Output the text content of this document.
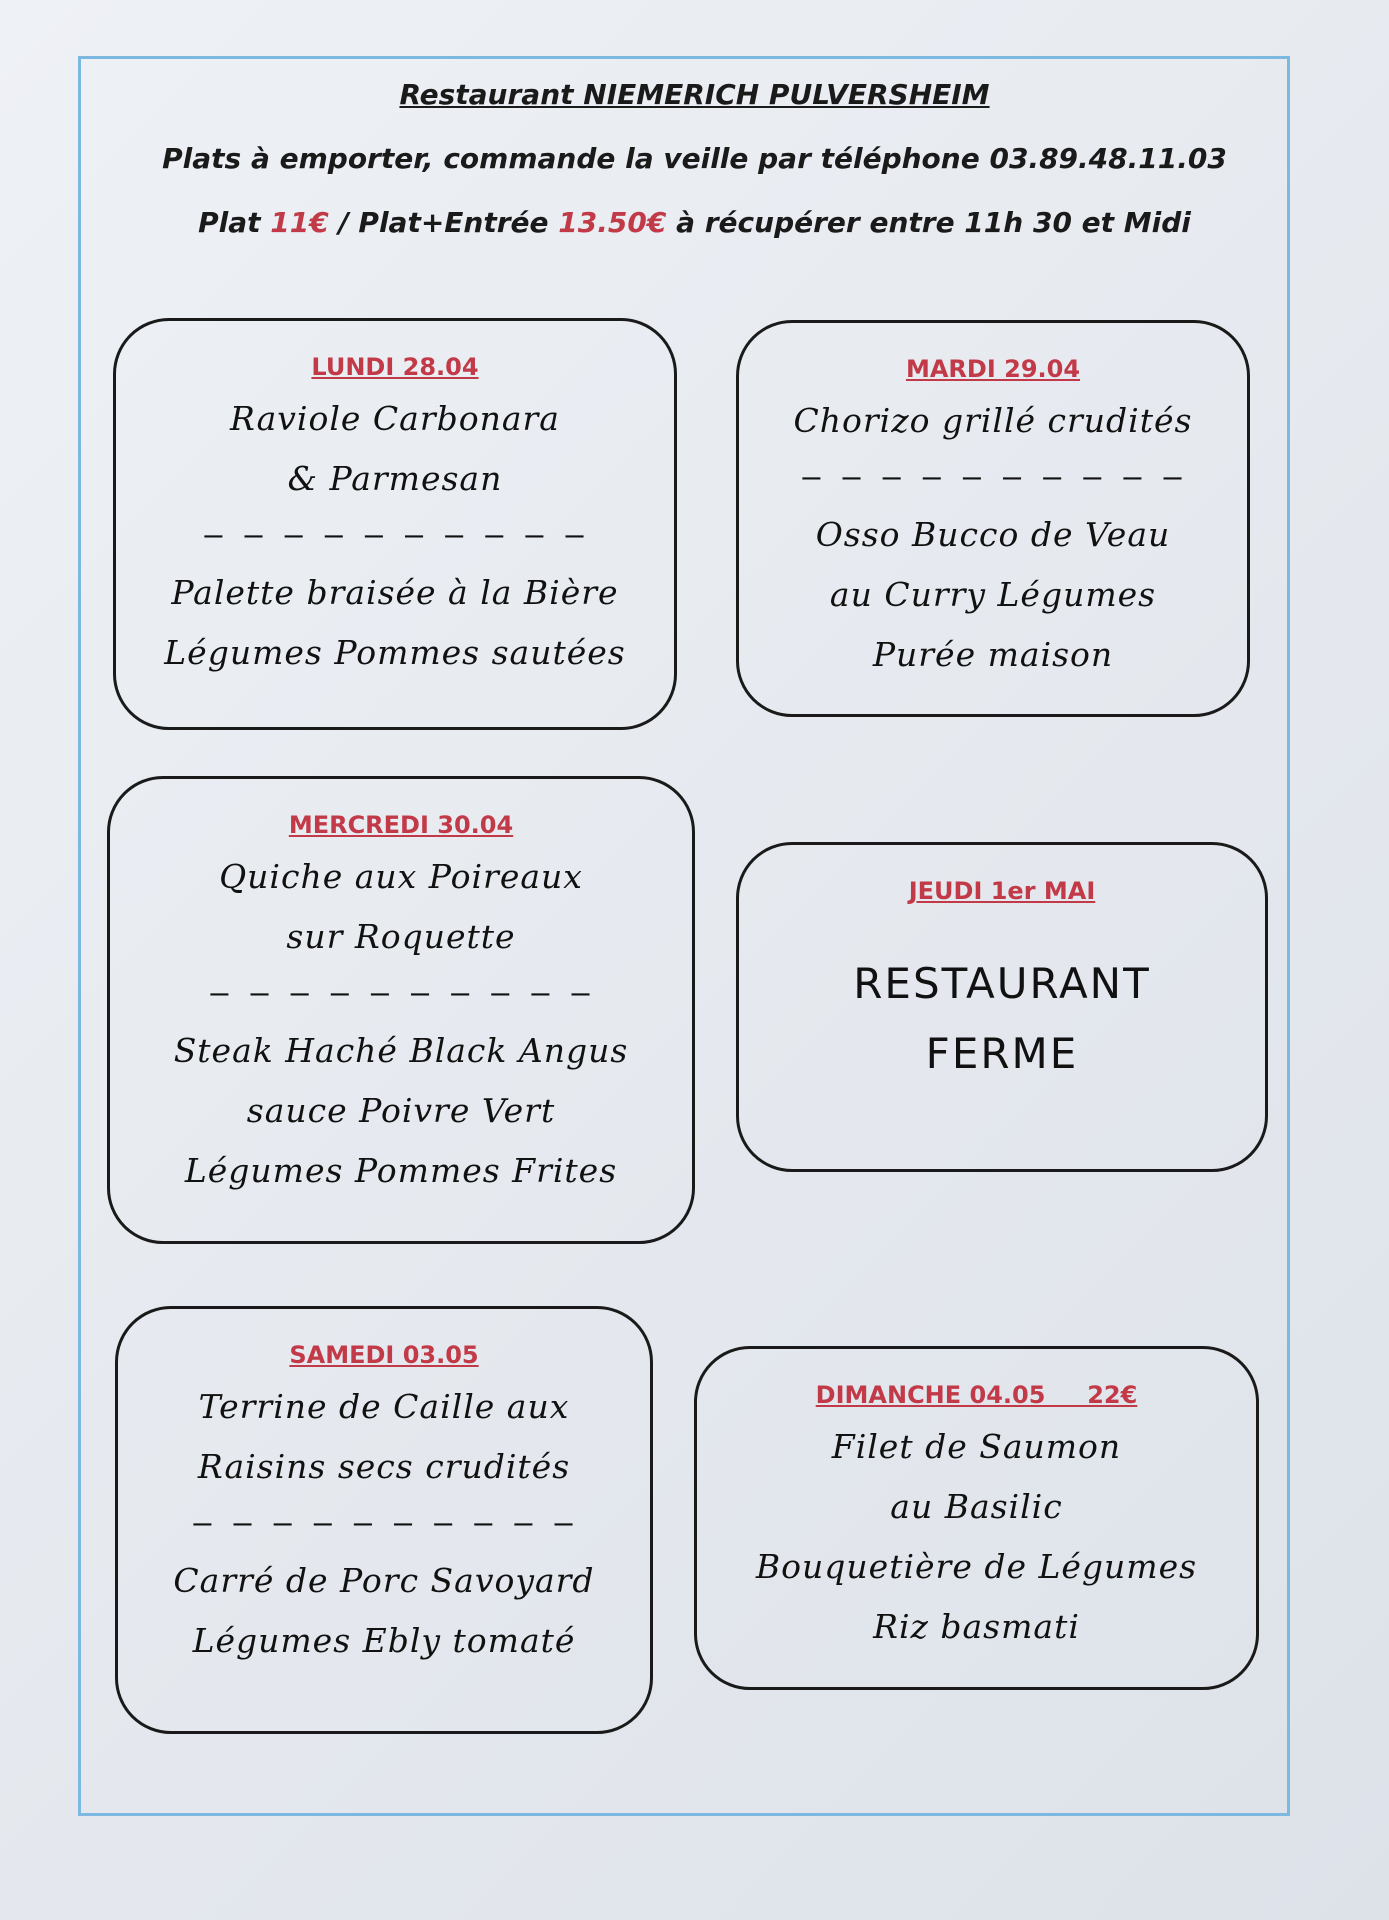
Restaurant NIEMERICH PULVERSHEIM

Plats à emporter, commande la veille par téléphone 03.89.48.11.03

Plat 11€ / Plat+Entrée 13.50€ à récupérer entre 11h 30 et Midi

LUNDI 28.04
Raviole Carbonara
& Parmesan
— — — — — — — — — —
Palette braisée à la Bière
Légumes Pommes sautées
MARDI 29.04
Chorizo grillé crudités
— — — — — — — — — —
Osso Bucco de Veau
au Curry Légumes
Purée maison
MERCREDI 30.04
Quiche aux Poireaux
sur Roquette
— — — — — — — — — —
Steak Haché Black Angus
sauce Poivre Vert
Légumes Pommes Frites
JEUDI 1er MAI
RESTAURANT
FERME
SAMEDI 03.05
Terrine de Caille aux
Raisins secs crudités
— — — — — — — — — —
Carré de Porc Savoyard
Légumes Ebly tomaté
DIMANCHE 04.05     22€
Filet de Saumon
au Basilic
Bouquetière de Légumes
Riz basmati
